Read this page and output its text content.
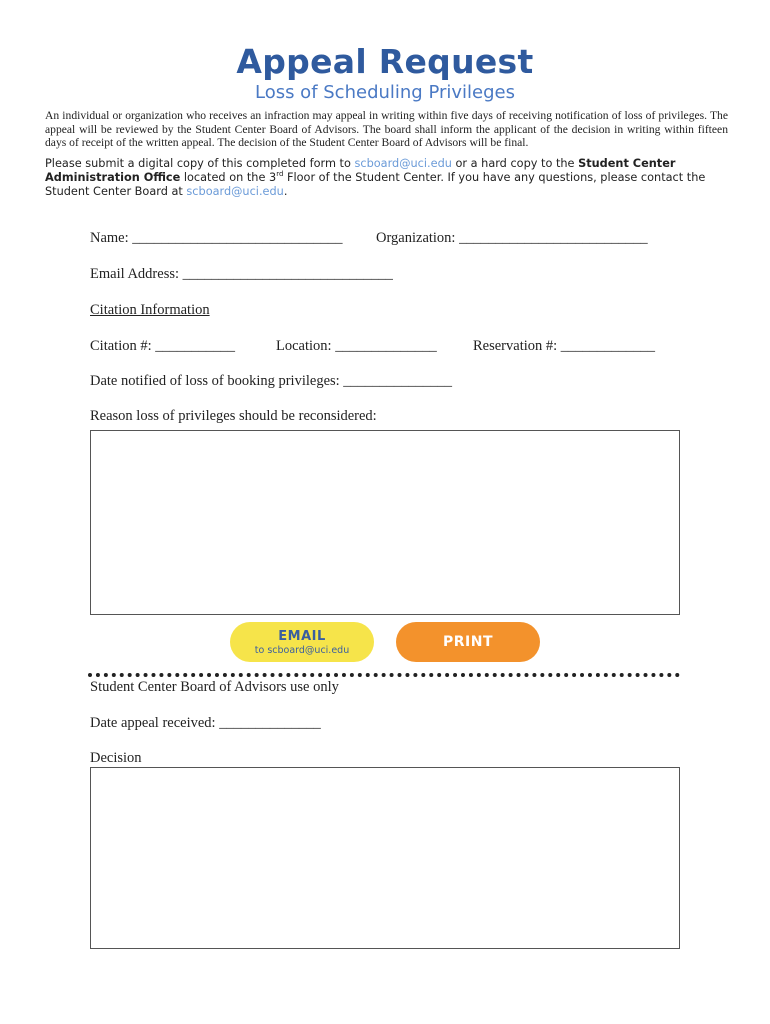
Appeal Request
Loss of Scheduling Privileges
An individual or organization who receives an infraction may appeal in writing within five days of receiving notification of loss of privileges. The appeal will be reviewed by the Student Center Board of Advisors. The board shall inform the applicant of the decision in writing within fifteen days of receipt of the written appeal. The decision of the Student Center Board of Advisors will be final.
Please submit a digital copy of this completed form to scboard@uci.edu or a hard copy to the Student Center Administration Office located on the 3rd Floor of the Student Center. If you have any questions, please contact the Student Center Board at scboard@uci.edu.
Name: _____________________________ Organization: __________________________
Email Address: _____________________________
Citation Information
Citation #: ___________	Location: ______________	Reservation #: _____________
Date notified of loss of booking privileges: _______________
Reason loss of privileges should be reconsidered:
EMAIL
to scboard@uci.edu
PRINT
Student Center Board of Advisors use only
Date appeal received: ______________
Decision
